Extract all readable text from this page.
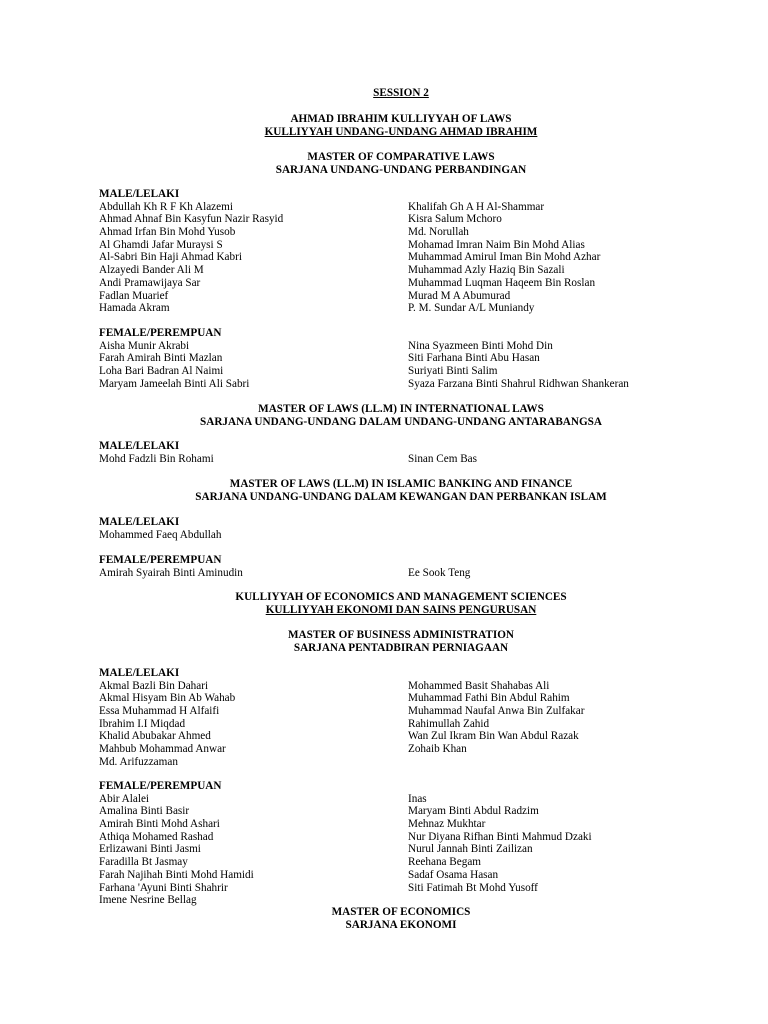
SESSION 2
AHMAD IBRAHIM KULLIYYAH OF LAWS
KULLIYYAH UNDANG-UNDANG AHMAD IBRAHIM
MASTER OF COMPARATIVE LAWS
SARJANA UNDANG-UNDANG PERBANDINGAN
MALE/LELAKI
Abdullah Kh R F Kh Alazemi	Khalifah Gh A H Al-Shammar
Ahmad Ahnaf Bin Kasyfun Nazir Rasyid	Kisra Salum Mchoro
Ahmad Irfan Bin Mohd Yusob	Md. Norullah
Al Ghamdi Jafar Muraysi S	Mohamad Imran Naim Bin Mohd Alias
Al-Sabri Bin Haji Ahmad Kabri	Muhammad Amirul Iman Bin Mohd Azhar
Alzayedi Bander Ali M	Muhammad Azly Haziq Bin Sazali
Andi Pramawijaya Sar	Muhammad Luqman Haqeem Bin Roslan
Fadlan Muarief	Murad M A Abumurad
Hamada Akram	P. M. Sundar A/L Muniandy
FEMALE/PEREMPUAN
Aisha Munir Akrabi	Nina Syazmeen Binti Mohd Din
Farah Amirah Binti Mazlan	Siti Farhana Binti Abu Hasan
Loha Bari Badran Al Naimi	Suriyati Binti Salim
Maryam Jameelah Binti Ali Sabri	Syaza Farzana Binti Shahrul Ridhwan Shankeran
MASTER OF LAWS (LL.M) IN INTERNATIONAL LAWS
SARJANA UNDANG-UNDANG DALAM UNDANG-UNDANG ANTARABANGSA
MALE/LELAKI
Mohd Fadzli Bin Rohami	Sinan Cem Bas
MASTER OF LAWS (LL.M) IN ISLAMIC BANKING AND FINANCE
SARJANA UNDANG-UNDANG DALAM KEWANGAN DAN PERBANKAN ISLAM
MALE/LELAKI
Mohammed Faeq Abdullah
FEMALE/PEREMPUAN
Amirah Syairah Binti Aminudin	Ee Sook Teng
KULLIYYAH OF ECONOMICS AND MANAGEMENT SCIENCES
KULLIYYAH EKONOMI DAN SAINS PENGURUSAN
MASTER OF BUSINESS ADMINISTRATION
SARJANA PENTADBIRAN PERNIAGAAN
MALE/LELAKI
Akmal Bazli Bin Dahari	Mohammed Basit Shahabas Ali
Akmal Hisyam Bin Ab Wahab	Muhammad Fathi Bin Abdul Rahim
Essa Muhammad H Alfaifi	Muhammad Naufal Anwa Bin Zulfakar
Ibrahim I.I Miqdad	Rahimullah Zahid
Khalid Abubakar Ahmed	Wan Zul Ikram Bin Wan Abdul Razak
Mahbub Mohammad Anwar	Zohaib Khan
Md. Arifuzzaman
FEMALE/PEREMPUAN
Abir Alalei	Inas
Amalina Binti Basir	Maryam Binti Abdul Radzim
Amirah Binti Mohd Ashari	Mehnaz Mukhtar
Athiqa Mohamed Rashad	Nur Diyana Rifhan Binti Mahmud Dzaki
Erlizawani Binti Jasmi	Nurul Jannah Binti Zailizan
Faradilla Bt Jasmay	Reehana Begam
Farah Najihah Binti Mohd Hamidi	Sadaf Osama Hasan
Farhana 'Ayuni Binti Shahrir	Siti Fatimah Bt Mohd Yusoff
Imene Nesrine Bellag
MASTER OF ECONOMICS
SARJANA EKONOMI
